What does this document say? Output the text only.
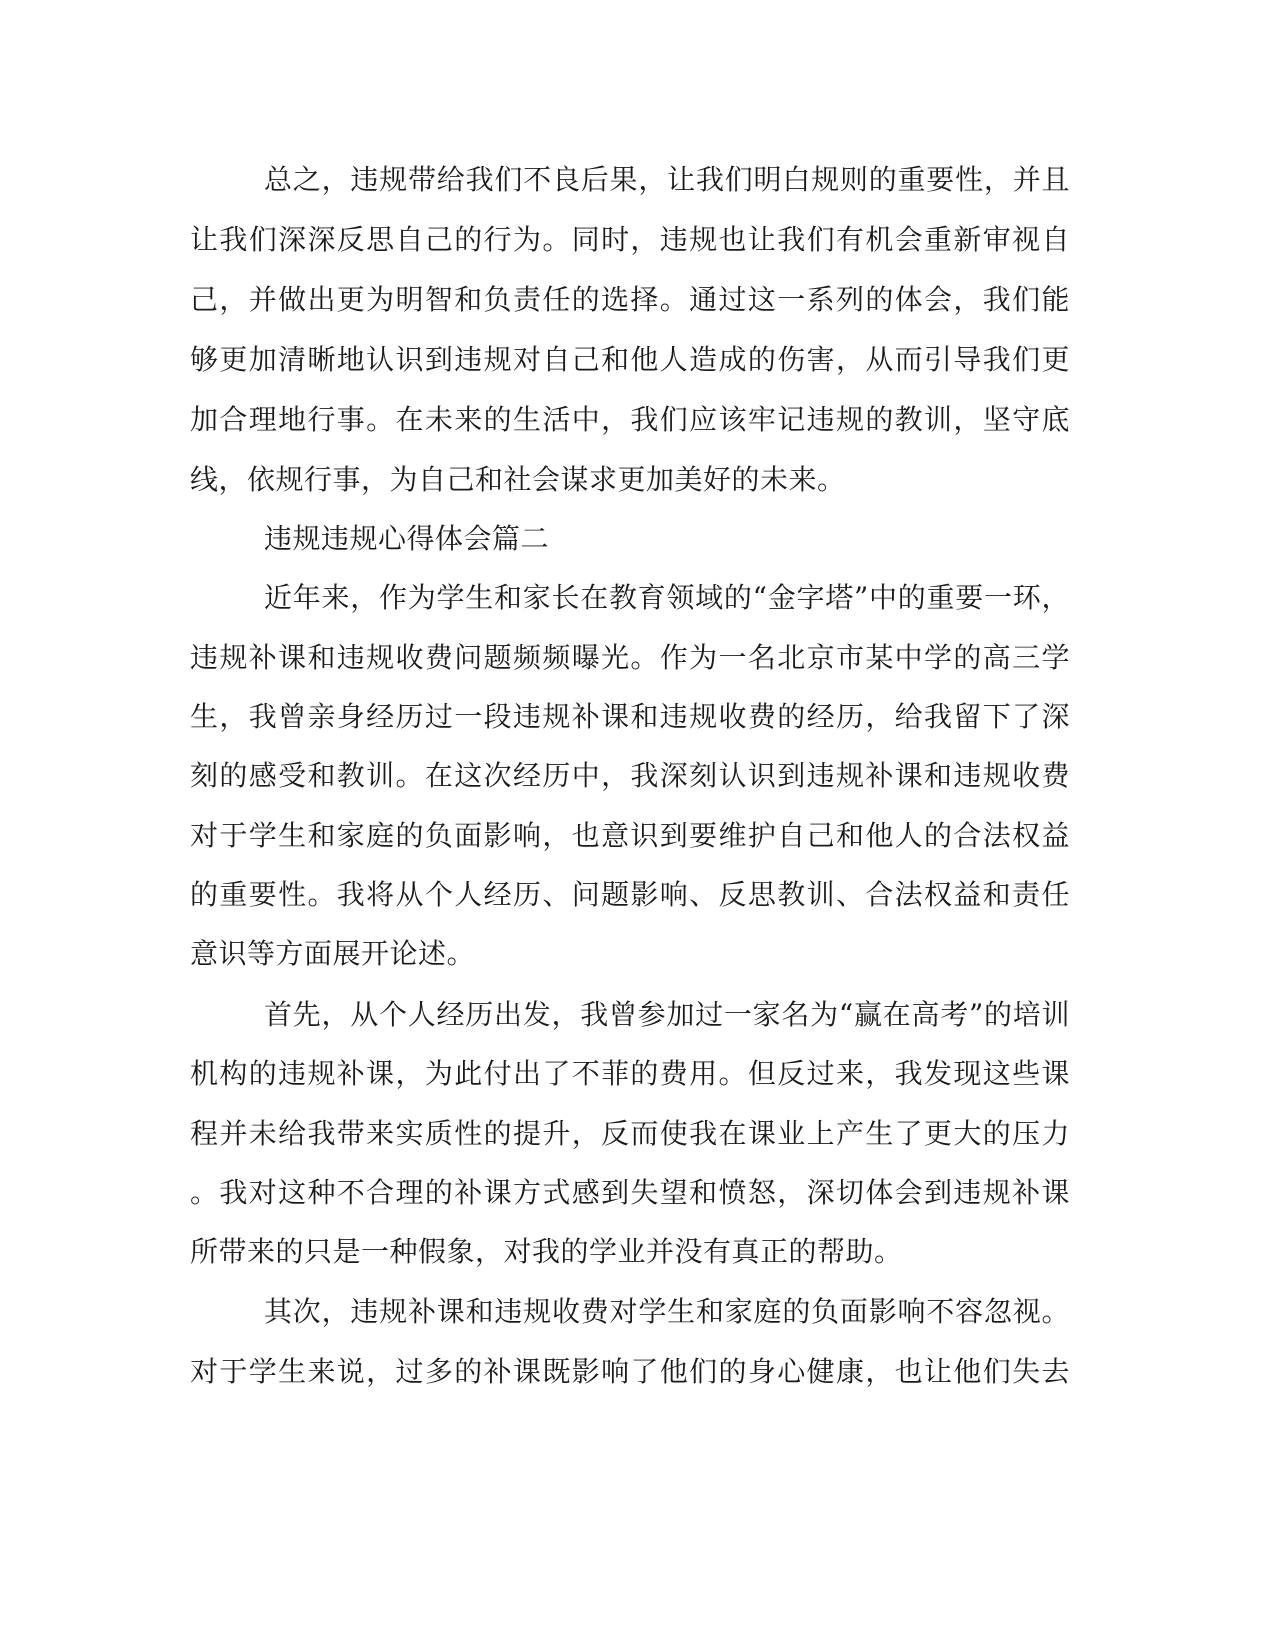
总之，违规带给我们不良后果，让我们明白规则的重要性，并且
让我们深深反思自己的行为。同时，违规也让我们有机会重新审视自
己，并做出更为明智和负责任的选择。通过这一系列的体会，我们能
够更加清晰地认识到违规对自己和他人造成的伤害，从而引导我们更
加合理地行事。在未来的生活中，我们应该牢记违规的教训，坚守底
线，依规行事，为自己和社会谋求更加美好的未来。
违规违规心得体会篇二
近年来，作为学生和家长在教育领域的“金字塔”中的重要一环，
违规补课和违规收费问题频频曝光。作为一名北京市某中学的高三学
生，我曾亲身经历过一段违规补课和违规收费的经历，给我留下了深
刻的感受和教训。在这次经历中，我深刻认识到违规补课和违规收费
对于学生和家庭的负面影响，也意识到要维护自己和他人的合法权益
的重要性。我将从个人经历、问题影响、反思教训、合法权益和责任
意识等方面展开论述。
首先，从个人经历出发，我曾参加过一家名为“赢在高考”的培训
机构的违规补课，为此付出了不菲的费用。但反过来，我发现这些课
程并未给我带来实质性的提升，反而使我在课业上产生了更大的压力
。我对这种不合理的补课方式感到失望和愤怒，深切体会到违规补课
所带来的只是一种假象，对我的学业并没有真正的帮助。
其次，违规补课和违规收费对学生和家庭的负面影响不容忽视。
对于学生来说，过多的补课既影响了他们的身心健康，也让他们失去
